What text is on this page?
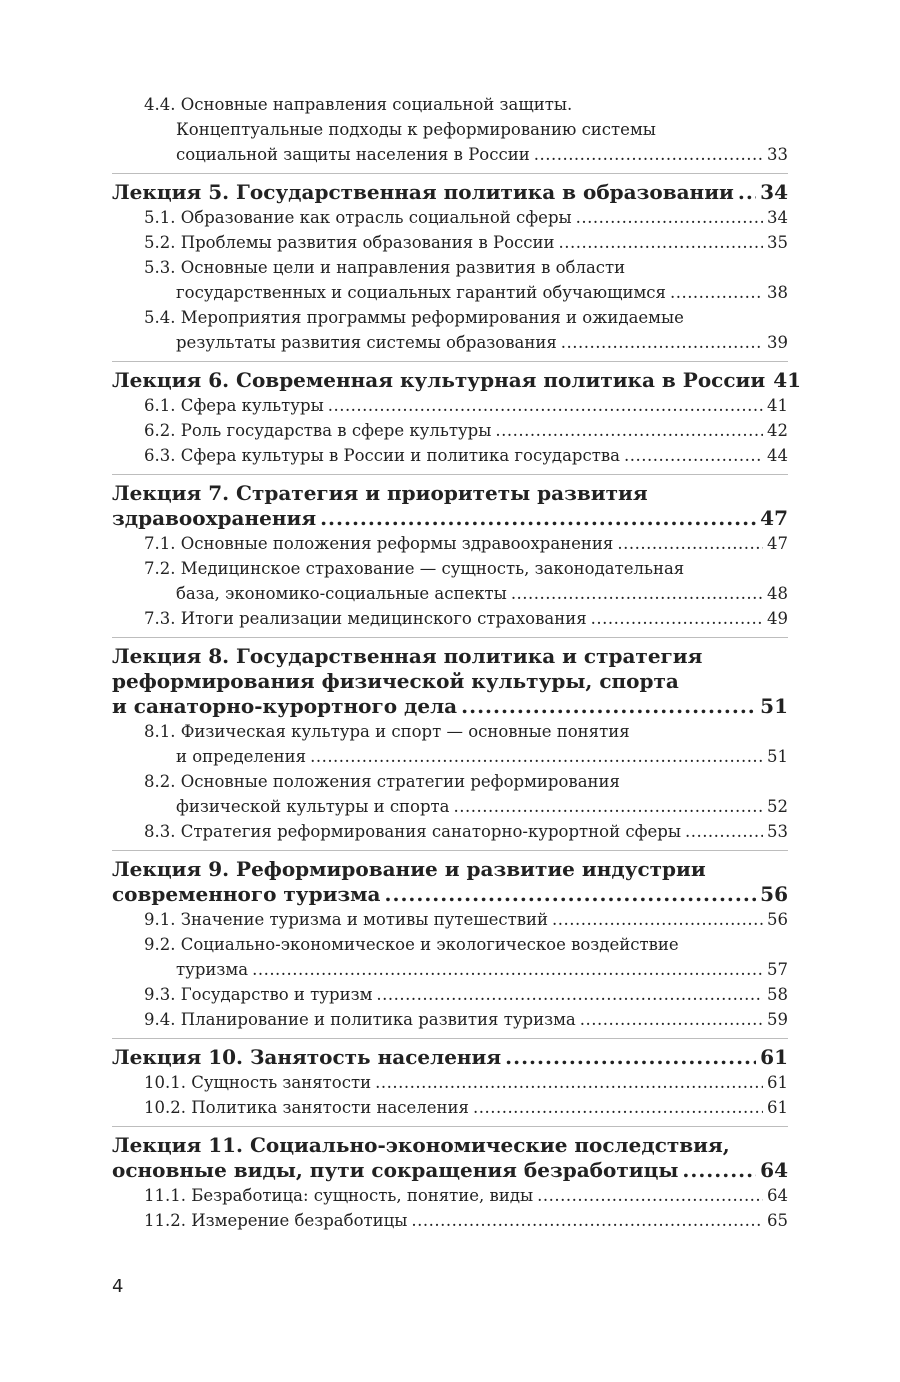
4.4. Основные направления социальной защиты.
Концептуальные подходы к реформированию системы
социальной защиты населения в России .....	33
Лекция 5. Государственная политика в образовании ..... 34
5.1. Образование как отрасль социальной сферы .....	34
5.2. Проблемы развития образования в России .....	35
5.3. Основные цели и направления развития в области
государственных и социальных гарантий обучающимся .....	38
5.4. Мероприятия программы реформирования и ожидаемые
результаты развития системы образования .....	39
Лекция 6. Современная культурная политика в России 41
6.1. Сфера культуры .....	41
6.2. Роль государства в сфере культуры .....	42
6.3. Сфера культуры в России и политика государства .....	44
Лекция 7. Стратегия и приоритеты развития
здравоохранения .....	47
7.1. Основные положения реформы здравоохранения .....	47
7.2. Медицинское страхование — сущность, законодательная
база, экономико-социальные аспекты .....	48
7.3. Итоги реализации медицинского страхования .....	49
Лекция 8. Государственная политика и стратегия
реформирования физической культуры, спорта
и санаторно-курортного дела .....	51
8.1. Физическая культура и спорт — основные понятия
и определения .....	51
8.2. Основные положения стратегии реформирования
физической культуры и спорта .....	52
8.3. Стратегия реформирования санаторно-курортной сферы .....	53
Лекция 9. Реформирование и развитие индустрии
современного туризма .....	56
9.1. Значение туризма и мотивы путешествий .....	56
9.2. Социально-экономическое и экологическое воздействие
туризма .....	57
9.3. Государство и туризм .....	58
9.4. Планирование и политика развития туризма .....	59
Лекция 10. Занятость населения .....	61
10.1. Сущность занятости .....	61
10.2. Политика занятости населения .....	61
Лекция 11. Социально-экономические последствия,
основные виды, пути сокращения безработицы .....	64
11.1. Безработица: сущность, понятие, виды .....	64
11.2. Измерение безработицы .....	65
4
